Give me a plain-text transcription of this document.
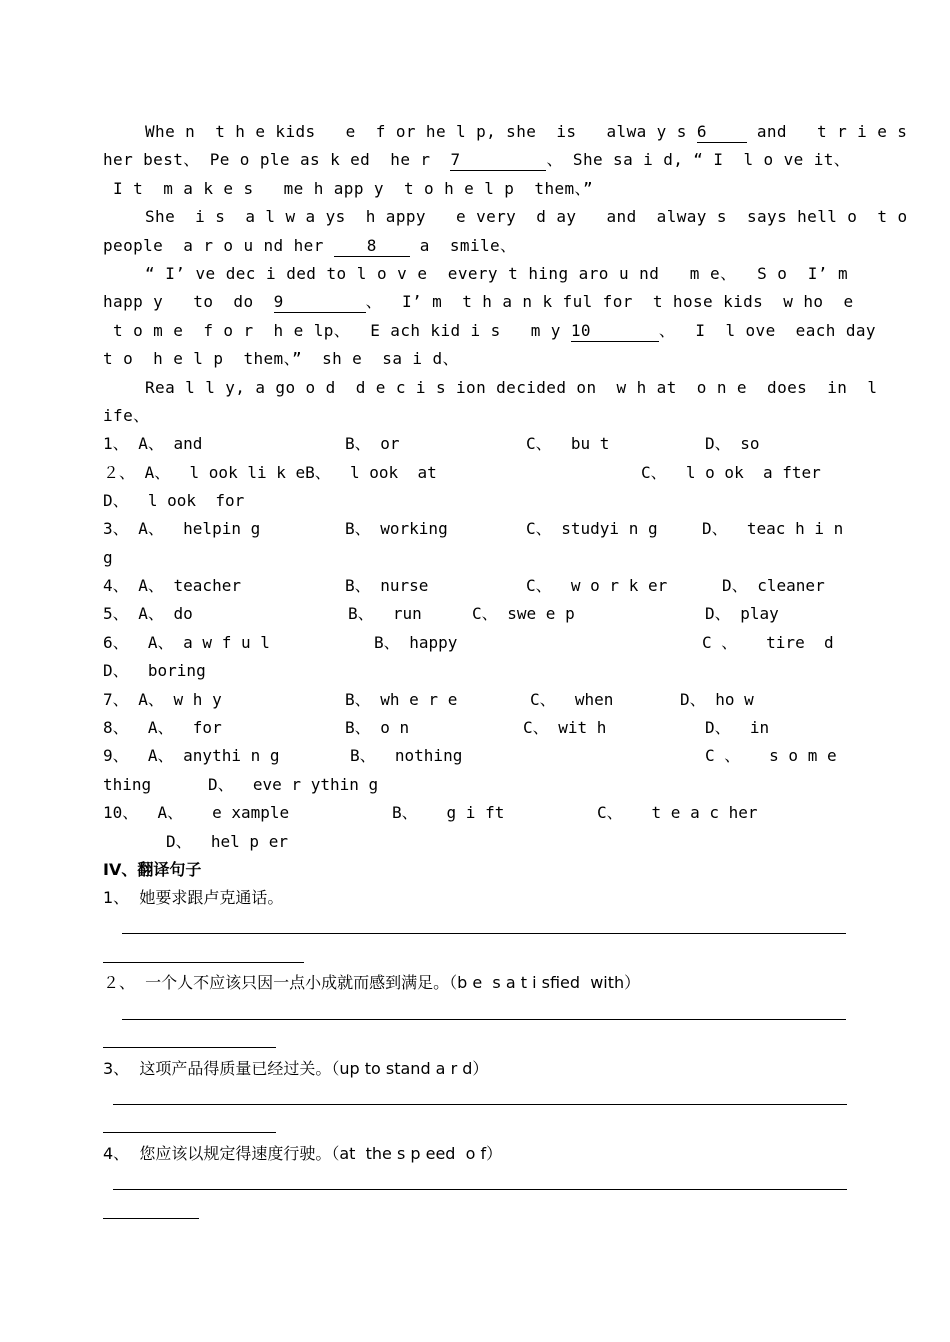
Whe n  t h e kids   e  f or he l p, she  is   alwa y s 6 and   t r i e s
her best、 Pe o ple as k ed  he r  7	、 She sa i d, “ I  l o ve it、
I t  m a k e s   me h app y  t o h e l p  them、”
She  i s  a l w a ys  h appy   e very  d ay   and  alway s  says hell o  t o
people  a r o u nd her 8 a  smile、
“ I’ ve dec i ded to l o v e  every t hing aro u nd   m e、  S o  I’ m
happ y   to  do  9	、  I’ m  t h a n k ful for  t hose kids  w ho  e
t o m e  f o r  h e lp、  E ach kid i s   m y 10	、  I  l ove  each day
t o  h e l p  them、”  sh e  sa i d、
Rea l l y, a go o d  d e c i s ion decided on  w h at  o n e  does  in  l
ife、
1、 A、 and	B、 or	C、  bu t	D、 so
２、 A、  l ook li k eB、  l ook  at	C、  l o ok  a fter
D、  l ook  for
3、 A、  helpin g	B、 working	C、 studyi n g	D、  teac h i n
g
4、 A、 teacher	B、 nurse	C、  w o r k er	D、 cleaner
5、 A、 do	B、  run	C、 swe e p	D、 play
6、  A、 a w f u l	B、 happy	C 、   tire  d
D、  boring
7、 A、 w h y	B、 wh e r e	C、  when	D、 ho w
8、  A、  for	B、 o n	C、 wit h	D、  in
9、  A、 anythi n g	B、  nothing	C 、   s o m e
thing	D、  eve r ythin g
10、  A、   e xample	B、   g i ft	C、   t e a c her
D、  hel p er
IV、翻译句子
1、  她要求跟卢克通话。
２、  一个人不应该只因一点小成就而感到满足。（b e  s a t i sfied  with）
3、  这项产品得质量已经过关。（up to stand a r d）
4、  您应该以规定得速度行驶。（at  the s p eed  o f）
